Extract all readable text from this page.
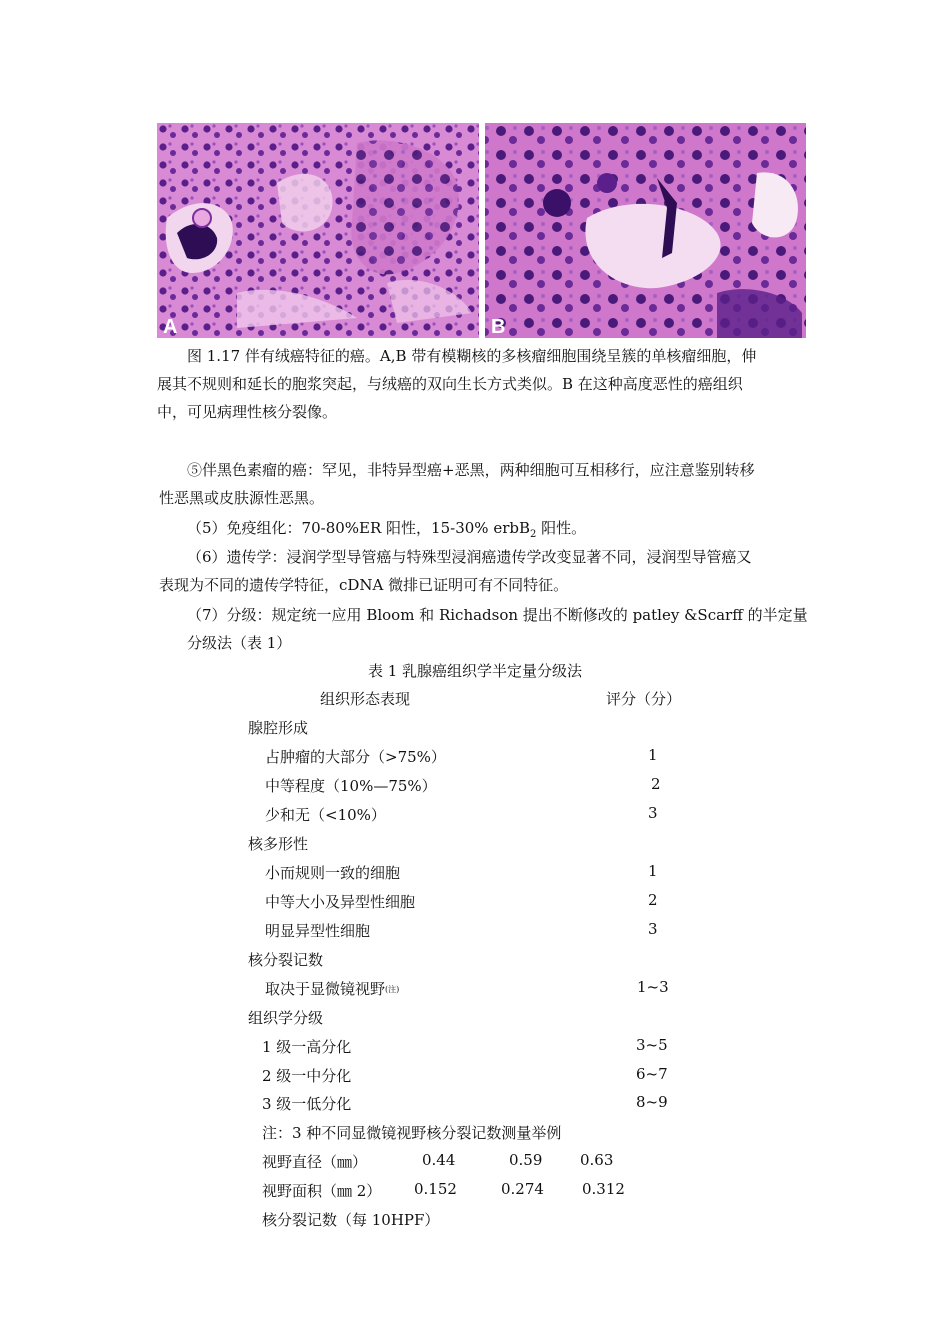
A	B
图 1.17 伴有绒癌特征的癌。A,B 带有模糊核的多核瘤细胞围绕呈簇的单核瘤细胞，伸
展其不规则和延长的胞浆突起，与绒癌的双向生长方式类似。B 在这种高度恶性的癌组织
中，可见病理性核分裂像。
⑤伴黑色素瘤的癌：罕见，非特异型癌+恶黑，两种细胞可互相移行，应注意鉴别转移
性恶黑或皮肤源性恶黑。
（5）免疫组化：70-80%ER 阳性，15-30% erbB$_2$ 阳性。
（6）遗传学：浸润学型导管癌与特殊型浸润癌遗传学改变显著不同，浸润型导管癌又
表现为不同的遗传学特征，cDNA 微排已证明可有不同特征。
（7）分级：规定统一应用 Bloom 和 Richadson 提出不断修改的 patley &Scarff 的半定量
分级法（表 1）
表 1 乳腺癌组织学半定量分级法
组织形态表现	评分（分）
腺腔形成
占肿瘤的大部分（>75%）	1
中等程度（10%—75%）	2
少和无（<10%）	3
核多形性
小而规则一致的细胞	1
中等大小及异型性细胞	2
明显异型性细胞	3
核分裂记数
取决于显微镜视野(注)	1~3
组织学分级
1 级一高分化	3~5
2 级一中分化	6~7
3 级一低分化	8~9
注：3 种不同显微镜视野核分裂记数测量举例
视野直径（㎜）	0.44	0.59	0.63
视野面积（㎜ 2） 0.152	0.274	0.312
核分裂记数（每 10HPF）
